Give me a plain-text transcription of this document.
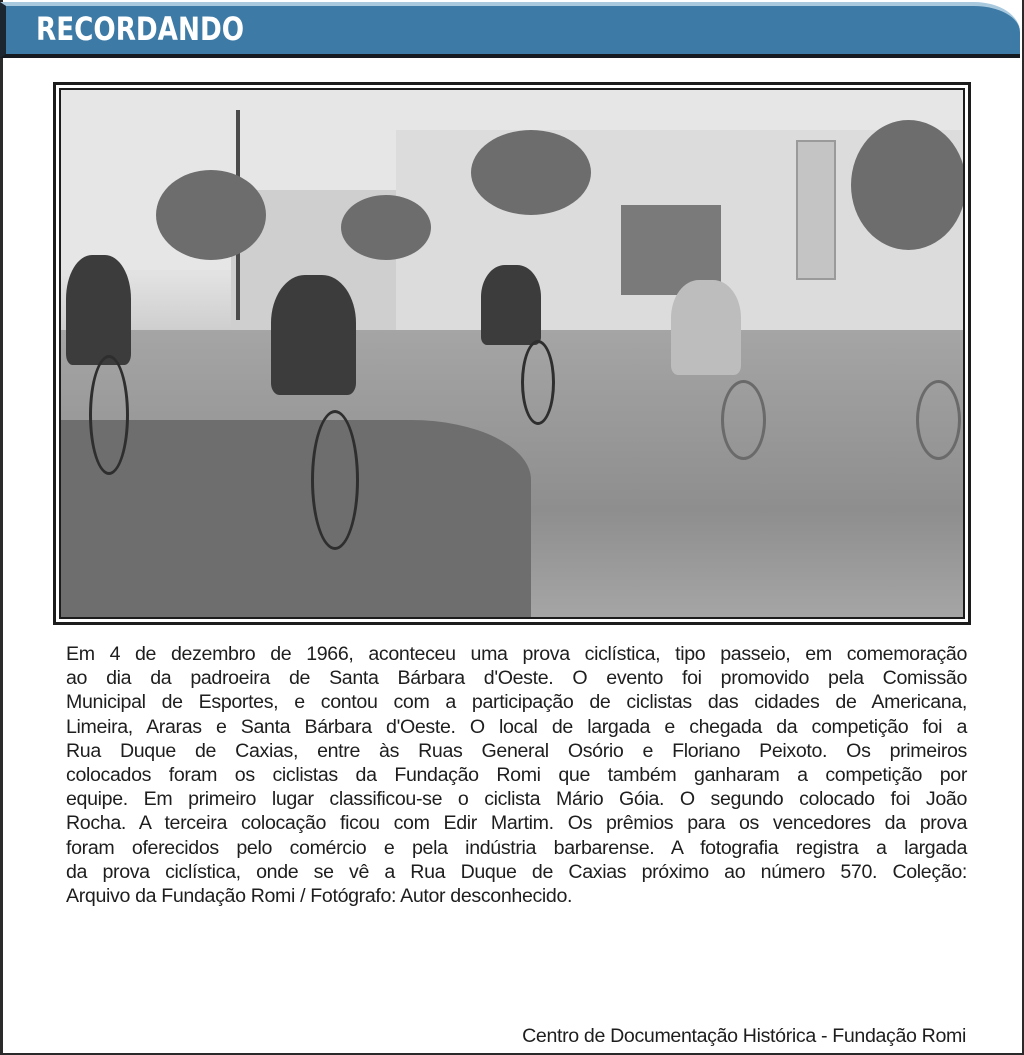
RECORDANDO
Em 4 de dezembro de 1966, aconteceu uma prova ciclística, tipo passeio, em comemoração
ao dia da padroeira de Santa Bárbara d'Oeste. O evento foi promovido pela Comissão
Municipal de Esportes, e contou com a participação de ciclistas das cidades de Americana,
Limeira, Araras e Santa Bárbara d'Oeste. O local de largada e chegada da competição foi a
Rua Duque de Caxias, entre às Ruas General Osório e Floriano Peixoto. Os primeiros
colocados foram os ciclistas da Fundação Romi que também ganharam a competição por
equipe. Em primeiro lugar classificou-se o ciclista Mário Góia. O segundo colocado foi João
Rocha. A terceira colocação ficou com Edir Martim. Os prêmios para os vencedores da prova
foram oferecidos pelo comércio e pela indústria barbarense. A fotografia registra a largada
da prova ciclística, onde se vê a Rua Duque de Caxias próximo ao número 570. Coleção:
Arquivo da Fundação Romi / Fotógrafo: Autor desconhecido.
Centro de Documentação Histórica - Fundação Romi
